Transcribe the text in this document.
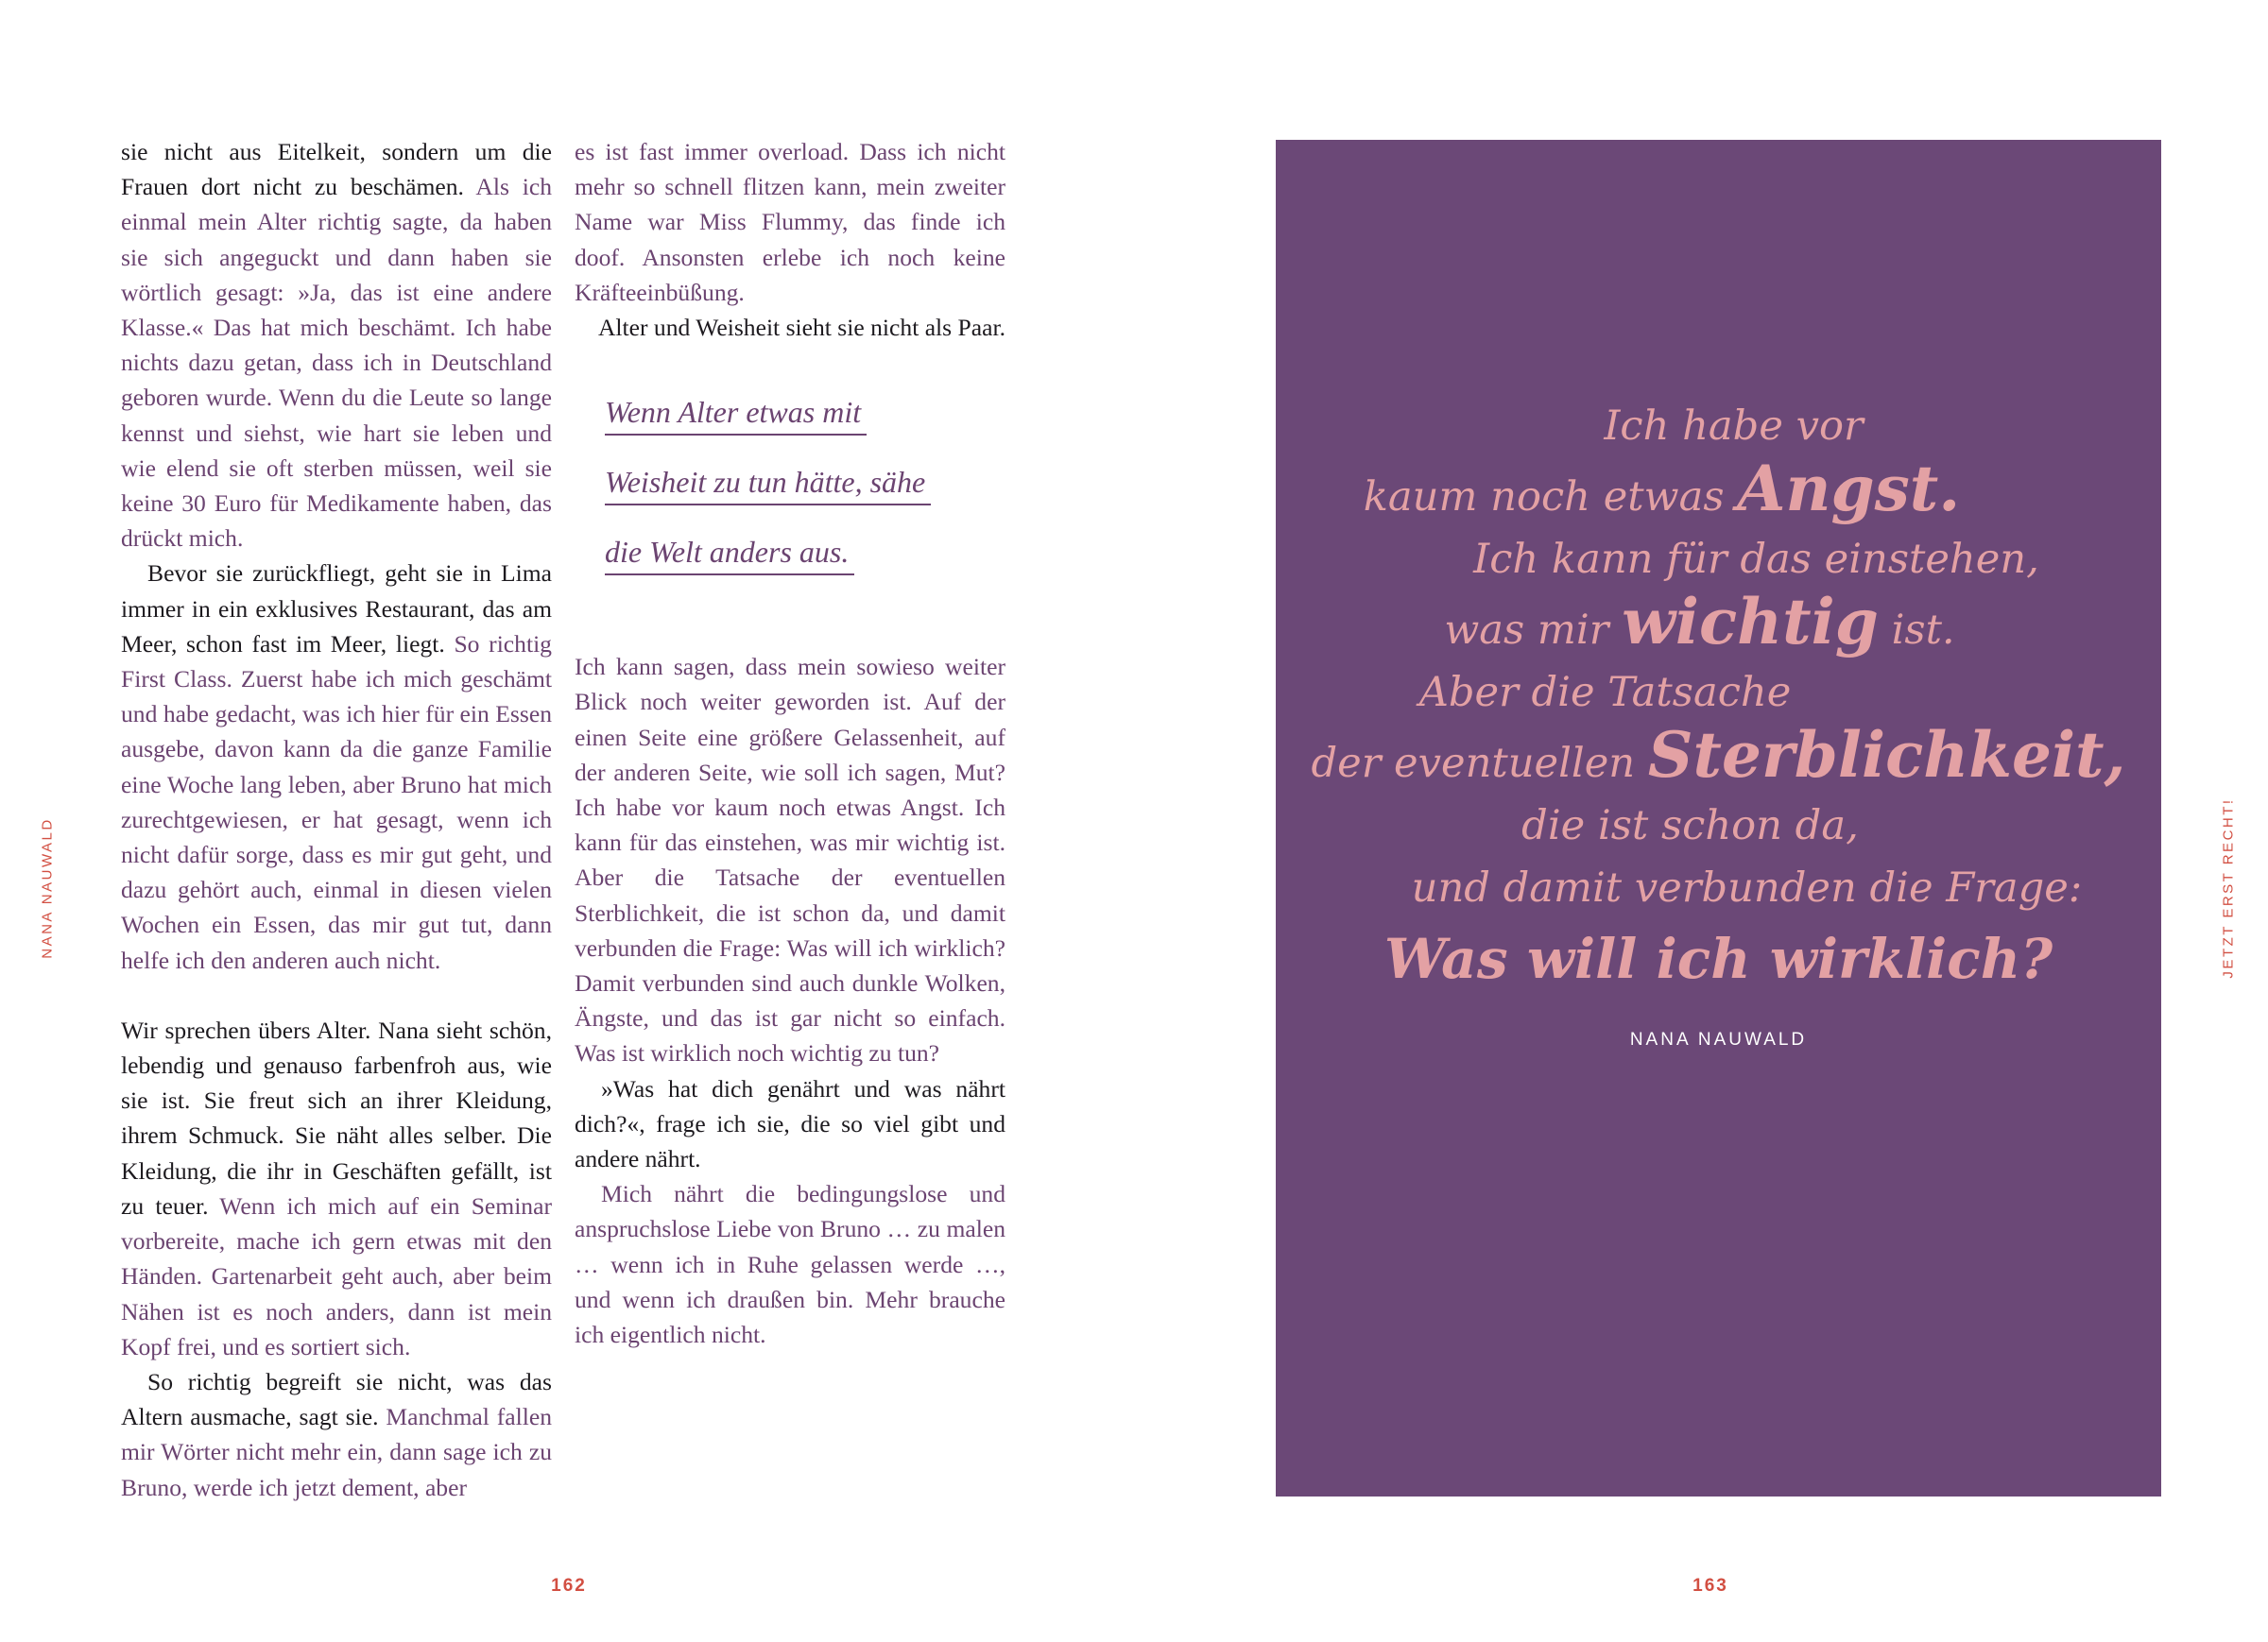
NANA NAUWALD

sie nicht aus Eitelkeit, sondern um die Frauen dort nicht zu beschämen. Als ich einmal mein Alter richtig sagte, da haben sie sich angeguckt und dann haben sie wörtlich gesagt: »Ja, das ist eine andere Klasse.« Das hat mich beschämt. Ich habe nichts dazu getan, dass ich in Deutschland geboren wurde. Wenn du die Leute so lange kennst und siehst, wie hart sie leben und wie elend sie oft sterben müssen, weil sie keine 30 Euro für Medikamente haben, das drückt mich.

Bevor sie zurückfliegt, geht sie in Lima immer in ein exklusives Restaurant, das am Meer, schon fast im Meer, liegt. So richtig First Class. Zuerst habe ich mich geschämt und habe gedacht, was ich hier für ein Essen ausgebe, davon kann da die ganze Familie eine Woche lang leben, aber Bruno hat mich zurechtgewiesen, er hat gesagt, wenn ich nicht dafür sorge, dass es mir gut geht, und dazu gehört auch, einmal in diesen vielen Wochen ein Essen, das mir gut tut, dann helfe ich den anderen auch nicht.

Wir sprechen übers Alter. Nana sieht schön, lebendig und genauso farbenfroh aus, wie sie ist. Sie freut sich an ihrer Kleidung, ihrem Schmuck. Sie näht alles selber. Die Kleidung, die ihr in Geschäften gefällt, ist zu teuer. Wenn ich mich auf ein Seminar vorbereite, mache ich gern etwas mit den Händen. Gartenarbeit geht auch, aber beim Nähen ist es noch anders, dann ist mein Kopf frei, und es sortiert sich.

So richtig begreift sie nicht, was das Altern ausmache, sagt sie. Manchmal fallen mir Wörter nicht mehr ein, dann sage ich zu Bruno, werde ich jetzt dement, aber

es ist fast immer overload. Dass ich nicht mehr so schnell flitzen kann, mein zweiter Name war Miss Flummy, das finde ich doof. Ansonsten erlebe ich noch keine Kräfteeinbüßung.

Alter und Weisheit sieht sie nicht als Paar.

Wenn Alter etwas mit
Weisheit zu tun hätte, sähe
die Welt anders aus.

Ich kann sagen, dass mein sowieso weiter Blick noch weiter geworden ist. Auf der einen Seite eine größere Gelassenheit, auf der anderen Seite, wie soll ich sagen, Mut? Ich habe vor kaum noch etwas Angst. Ich kann für das einstehen, was mir wichtig ist. Aber die Tatsache der eventuellen Sterblichkeit, die ist schon da, und damit verbunden die Frage: Was will ich wirklich? Damit verbunden sind auch dunkle Wolken, Ängste, und das ist gar nicht so einfach. Was ist wirklich noch wichtig zu tun?

»Was hat dich genährt und was nährt dich?«, frage ich sie, die so viel gibt und andere nährt.

Mich nährt die bedingungslose und anspruchslose Liebe von Bruno … zu malen … wenn ich in Ruhe gelassen werde …, und wenn ich draußen bin. Mehr brauche ich eigentlich nicht.

162
Ich habe vor
kaum noch etwas Angst.
Ich kann für das einstehen,
was mir wichtig ist.
Aber die Tatsache
der eventuellen Sterblichkeit,
die ist schon da,
und damit verbunden die Frage:
Was will ich wirklich?
NANA NAUWALD
JETZT ERST RECHT!
163
